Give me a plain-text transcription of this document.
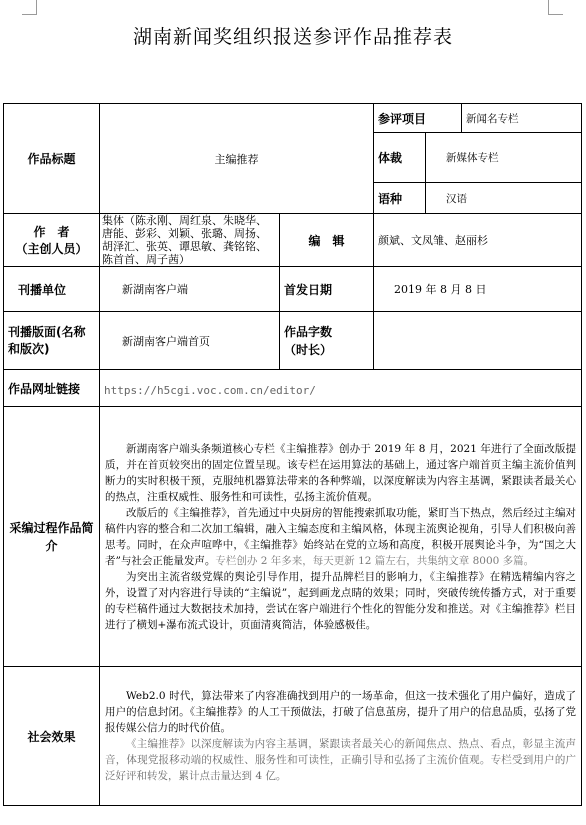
湖南新闻奖组织报送参评作品推荐表
作品标题	主编推荐		参评项目		新闻名专栏
			体裁	新媒体专栏	
			语种	汉语	

作　者
（主创人员）	集体（陈永刚、周红泉、朱晓华、唐能、彭彩、刘颖、张璐、周扬、胡泽汇、张英、谭思敏、龚铭铭、陈首首、周子茜）	编　辑	颜斌、文凤雏、赵丽杉		
刊播单位	新湖南客户端	首发日期	2019 年 8 月 8 日		
刊播版面(名称和版次)	新湖南客户端首页	作品字数
（时长）			

作品网址链接	https://h5cgi.voc.com.cn/editor/				
采编过程作品简介	新湖南客户端头条频道核心专栏《主编推荐》创办于 2019 年 8 月，2021 年进行了全面改版提质，并在首页较突出的固定位置呈现。该专栏在运用算法的基础上，通过客户端首页主编主流价值判断力的实时积极干预，克服纯机器算法带来的各种弊端，以深度解读为内容主基调，紧跟读者最关心的热点，注重权威性、服务性和可读性，弘扬主流价值观。

改版后的《主编推荐》，首先通过中央厨房的智能搜索抓取功能，紧盯当下热点，然后经过主编对稿件内容的整合和二次加工编辑，融入主编态度和主编风格，体现主流舆论视角，引导人们积极向善思考。同时，在众声喧哗中，《主编推荐》始终站在党的立场和高度，积极开展舆论斗争，为“国之大者”与社会正能量发声。专栏创办 2 年多来，每天更新 12 篇左右，共集纳文章 8000 多篇。

为突出主流省级党媒的舆论引导作用，提升品牌栏目的影响力，《主编推荐》在精选精编内容之外，设置了对内容进行导读的“主编说”，起到画龙点睛的效果；同时，突破传统传播方式，对于重要的专栏稿件通过大数据技术加持，尝试在客户端进行个性化的智能分发和推送。对《主编推荐》栏目进行了横划+瀑布流式设计，页面清爽简洁，体验感极佳。				

社会效果	Web2.0 时代，算法带来了内容准确找到用户的一场革命，但这一技术强化了用户偏好，造成了用户的信息封闭。《主编推荐》的人工干预做法，打破了信息茧房，提升了用户的信息品质，弘扬了党报传媒公信力的时代价值。

《主编推荐》以深度解读为内容主基调，紧跟读者最关心的新闻焦点、热点、看点，彰显主流声音，体现党报移动端的权威性、服务性和可读性，正确引导和弘扬了主流价值观。专栏受到用户的广泛好评和转发，累计点击量达到 4 亿。				
